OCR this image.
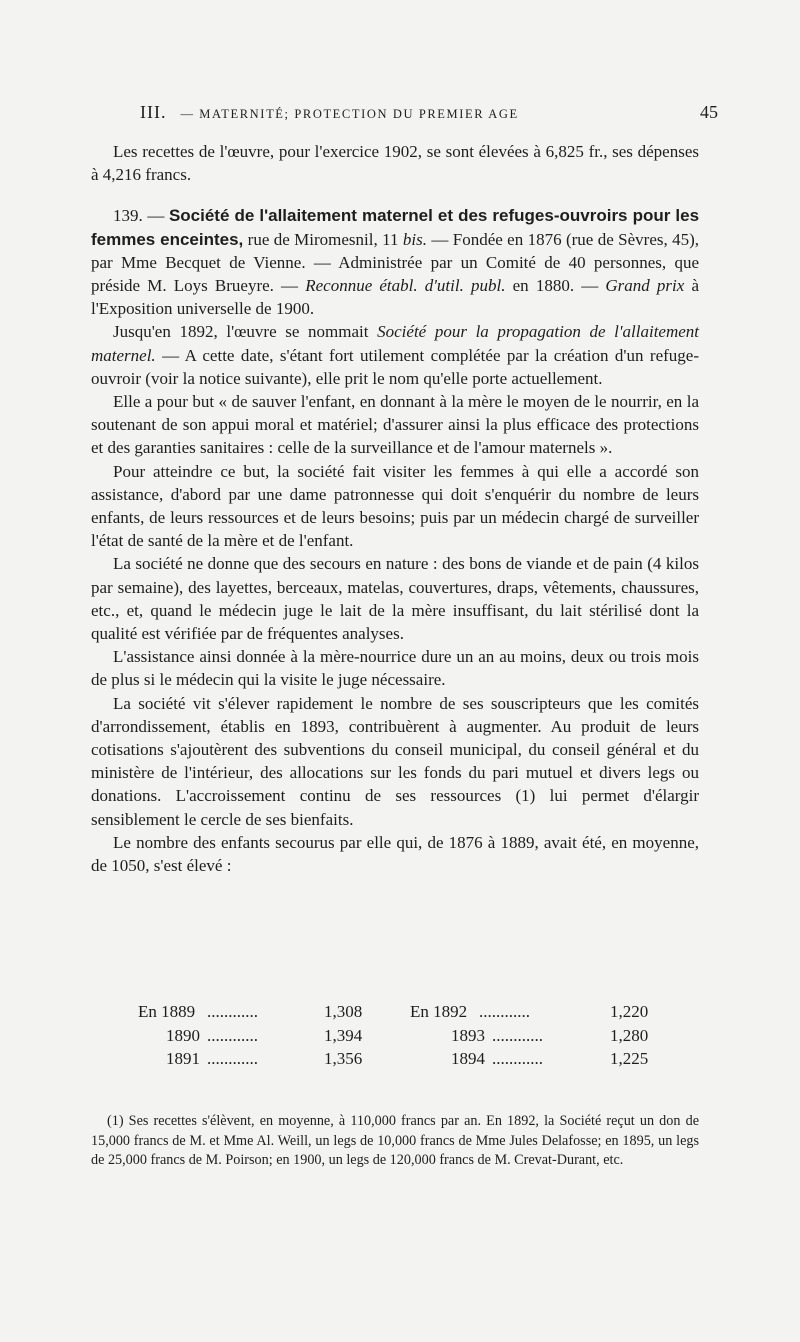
III. — MATERNITÉ; PROTECTION DU PREMIER AGE	45

Les recettes de l'œuvre, pour l'exercice 1902, se sont élevées à 6,825 fr., ses dépenses à 4,216 francs.

139. — Société de l'allaitement maternel et des refuges-ouvroirs pour les femmes enceintes, rue de Miromesnil, 11 bis. — Fondée en 1876 (rue de Sèvres, 45), par Mme Becquet de Vienne. — Administrée par un Comité de 40 personnes, que préside M. Loys Brueyre. — Reconnue établ. d'util. publ. en 1880. — Grand prix à l'Exposition universelle de 1900.

Jusqu'en 1892, l'œuvre se nommait Société pour la propagation de l'allaitement maternel. — A cette date, s'étant fort utilement complétée par la création d'un refuge-ouvroir (voir la notice suivante), elle prit le nom qu'elle porte actuellement.

Elle a pour but « de sauver l'enfant, en donnant à la mère le moyen de le nourrir, en la soutenant de son appui moral et matériel; d'assurer ainsi la plus efficace des protections et des garanties sanitaires : celle de la surveillance et de l'amour maternels ».

Pour atteindre ce but, la société fait visiter les femmes à qui elle a accordé son assistance, d'abord par une dame patronnesse qui doit s'enquérir du nombre de leurs enfants, de leurs ressources et de leurs besoins; puis par un médecin chargé de surveiller l'état de santé de la mère et de l'enfant.

La société ne donne que des secours en nature : des bons de viande et de pain (4 kilos par semaine), des layettes, berceaux, matelas, couvertures, draps, vêtements, chaussures, etc., et, quand le médecin juge le lait de la mère insuffisant, du lait stérilisé dont la qualité est vérifiée par de fréquentes analyses.

L'assistance ainsi donnée à la mère-nourrice dure un an au moins, deux ou trois mois de plus si le médecin qui la visite le juge nécessaire.

La société vit s'élever rapidement le nombre de ses souscripteurs que les comités d'arrondissement, établis en 1893, contribuèrent à augmenter. Au produit de leurs cotisations s'ajoutèrent des subventions du conseil municipal, du conseil général et du ministère de l'intérieur, des allocations sur les fonds du pari mutuel et divers legs ou donations. L'accroissement continu de ses ressources (1) lui permet d'élargir sensiblement le cercle de ses bienfaits.

Le nombre des enfants secourus par elle qui, de 1876 à 1889, avait été, en moyenne, de 1050, s'est élevé :

En 1889 ............	1,308	En 1892 ............	1,220
1890 ............	1,394	1893 ............	1,280
1891 ............	1,356	1894 ............	1,225

(1) Ses recettes s'élèvent, en moyenne, à 110,000 francs par an. En 1892, la Société reçut un don de 15,000 francs de M. et Mme Al. Weill, un legs de 10,000 francs de Mme Jules Delafosse; en 1895, un legs de 25,000 francs de M. Poirson; en 1900, un legs de 120,000 francs de M. Crevat-Durant, etc.
